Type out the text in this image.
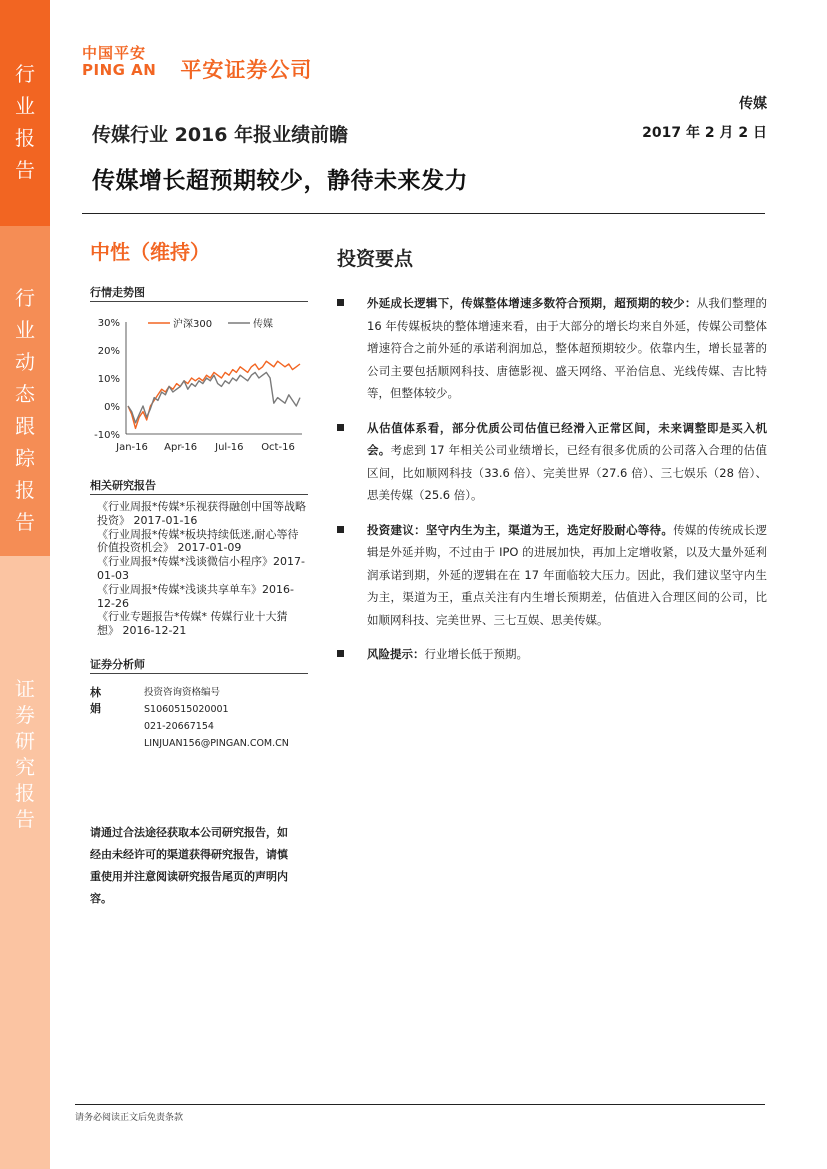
行业报告
行业动态跟踪报告
证券研究报告
中国平安
PING AN 平安证券公司
传媒
2017 年 2 月 2 日
传媒行业 2016 年报业绩前瞻
传媒增长超预期较少，静待未来发力
中性（维持）
行情走势图
30%
20%
10%
0%
-10%
Jan-16 Apr-16 Jul-16 Oct-16
沪深300	传媒
相关研究报告
《行业周报*传媒*乐视获得融创中国等战略投资》 2017-01-16
《行业周报*传媒*板块持续低迷,耐心等待价值投资机会》 2017-01-09
《行业周报*传媒*浅谈微信小程序》2017-01-03
《行业周报*传媒*浅谈共享单车》2016-12-26
《行业专题报告*传媒* 传媒行业十大猜想》 2016-12-21
证券分析师
林娟
投资咨询资格编号
S1060515020001
021-20667154
LINJUAN156@PINGAN.COM.CN
请通过合法途径获取本公司研究报告，如经由未经许可的渠道获得研究报告，请慎重使用并注意阅读研究报告尾页的声明内容。
投资要点
外延成长逻辑下，传媒整体增速多数符合预期，超预期的较少：从我们整理的 16 年传媒板块的整体增速来看，由于大部分的增长均来自外延，传媒公司整体增速符合之前外延的承诺利润加总，整体超预期较少。依靠内生，增长显著的公司主要包括顺网科技、唐德影视、盛天网络、平治信息、光线传媒、吉比特等，但整体较少。
从估值体系看，部分优质公司估值已经滑入正常区间，未来调整即是买入机会。考虑到 17 年相关公司业绩增长，已经有很多优质的公司落入合理的估值区间，比如顺网科技（33.6 倍）、完美世界（27.6 倍）、三七娱乐（28 倍）、思美传媒（25.6 倍）。
投资建议：坚守内生为主，渠道为王，选定好股耐心等待。传媒的传统成长逻辑是外延并购，不过由于 IPO 的进展加快，再加上定增收紧，以及大量外延利润承诺到期，外延的逻辑在在 17 年面临较大压力。因此，我们建议坚守内生为主，渠道为王，重点关注有内生增长预期差，估值进入合理区间的公司，比如顺网科技、完美世界、三七互娱、思美传媒。
风险提示：行业增长低于预期。
请务必阅读正文后免责条款
